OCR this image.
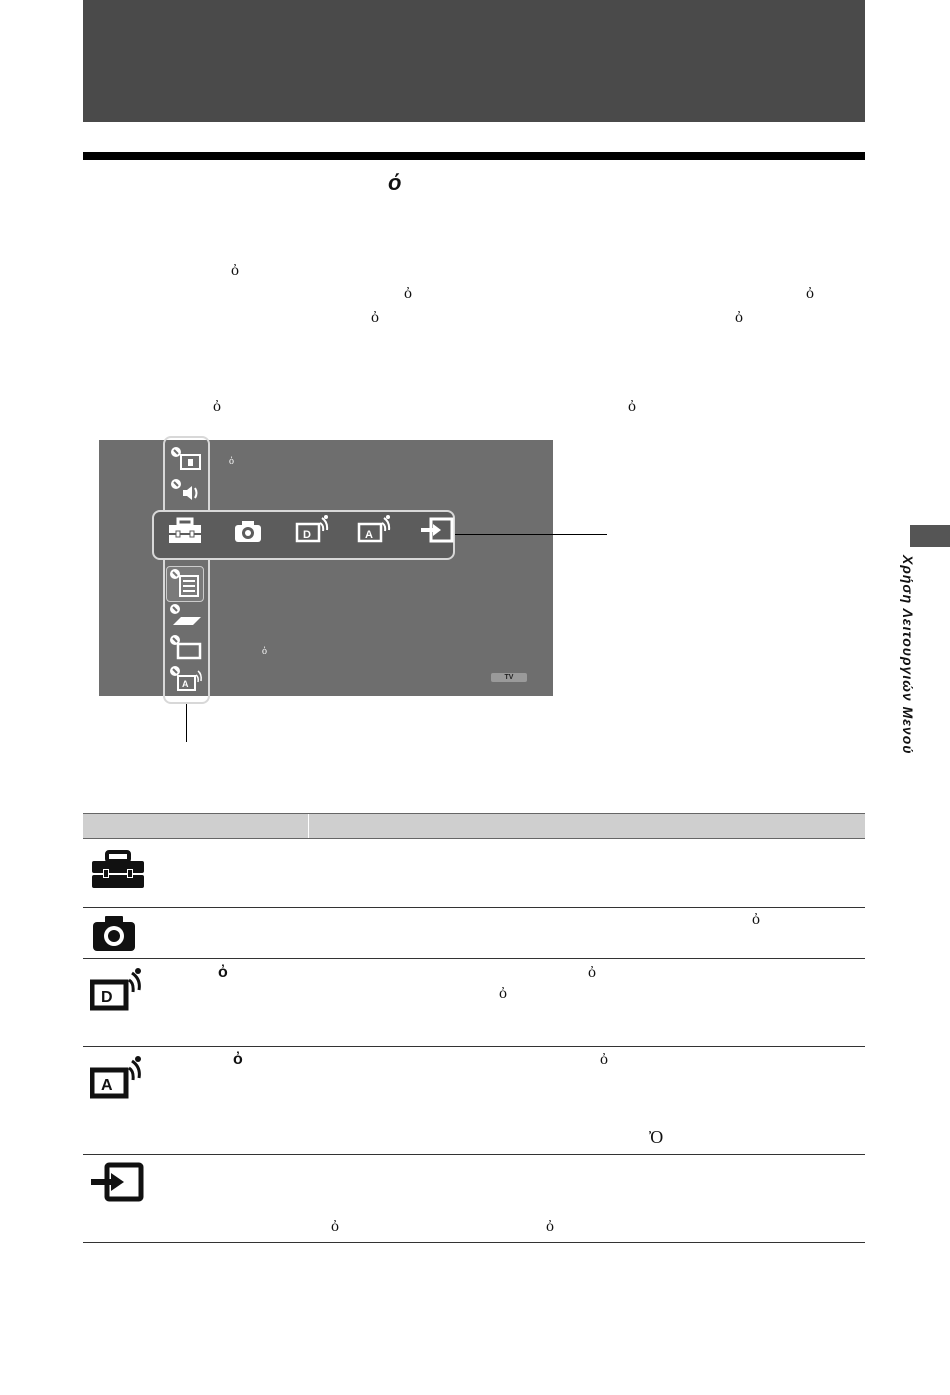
ό
ὀ
ὀ	ὀ
ὀ	ὀ
ὀ	ὀ
Χρήση Λειτουργιών Μενού
ὀ
ὀ
TV
D	A
A
ὀ
D
ὀ	ὀ
ὀ
A
ὀ	ὀ
Ὀ
ὀ	ὀ
